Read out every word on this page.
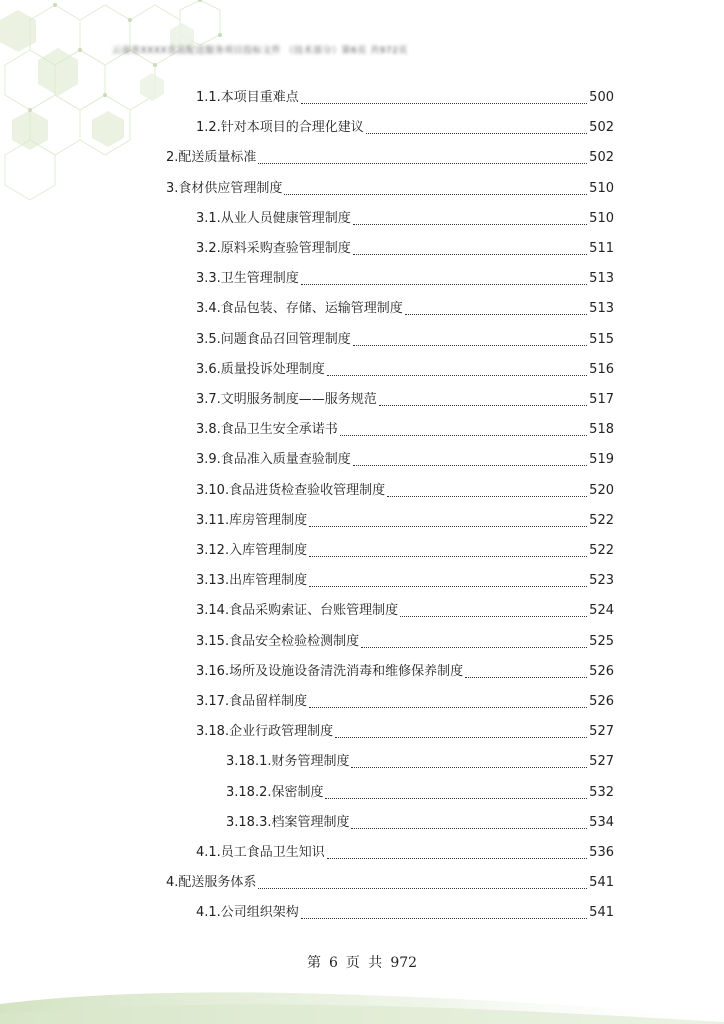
云南省XXXX食品配送服务项目投标文件 （技术部分）第6页 共972页
1.1.本项目重难点	500
1.2.针对本项目的合理化建议	502
2.配送质量标准	502
3.食材供应管理制度	510
3.1.从业人员健康管理制度	510
3.2.原料采购查验管理制度	511
3.3.卫生管理制度	513
3.4.食品包装、存储、运输管理制度	513
3.5.问题食品召回管理制度	515
3.6.质量投诉处理制度	516
3.7.文明服务制度——服务规范	517
3.8.食品卫生安全承诺书	518
3.9.食品准入质量查验制度	519
3.10.食品进货检查验收管理制度	520
3.11.库房管理制度	522
3.12.入库管理制度	522
3.13.出库管理制度	523
3.14.食品采购索证、台账管理制度	524
3.15.食品安全检验检测制度	525
3.16.场所及设施设备清洗消毒和维修保养制度	526
3.17.食品留样制度	526
3.18.企业行政管理制度	527
3.18.1.财务管理制度	527
3.18.2.保密制度	532
3.18.3.档案管理制度	534
4.1.员工食品卫生知识	536
4.配送服务体系	541
4.1.公司组织架构	541
第 6 页 共 972
